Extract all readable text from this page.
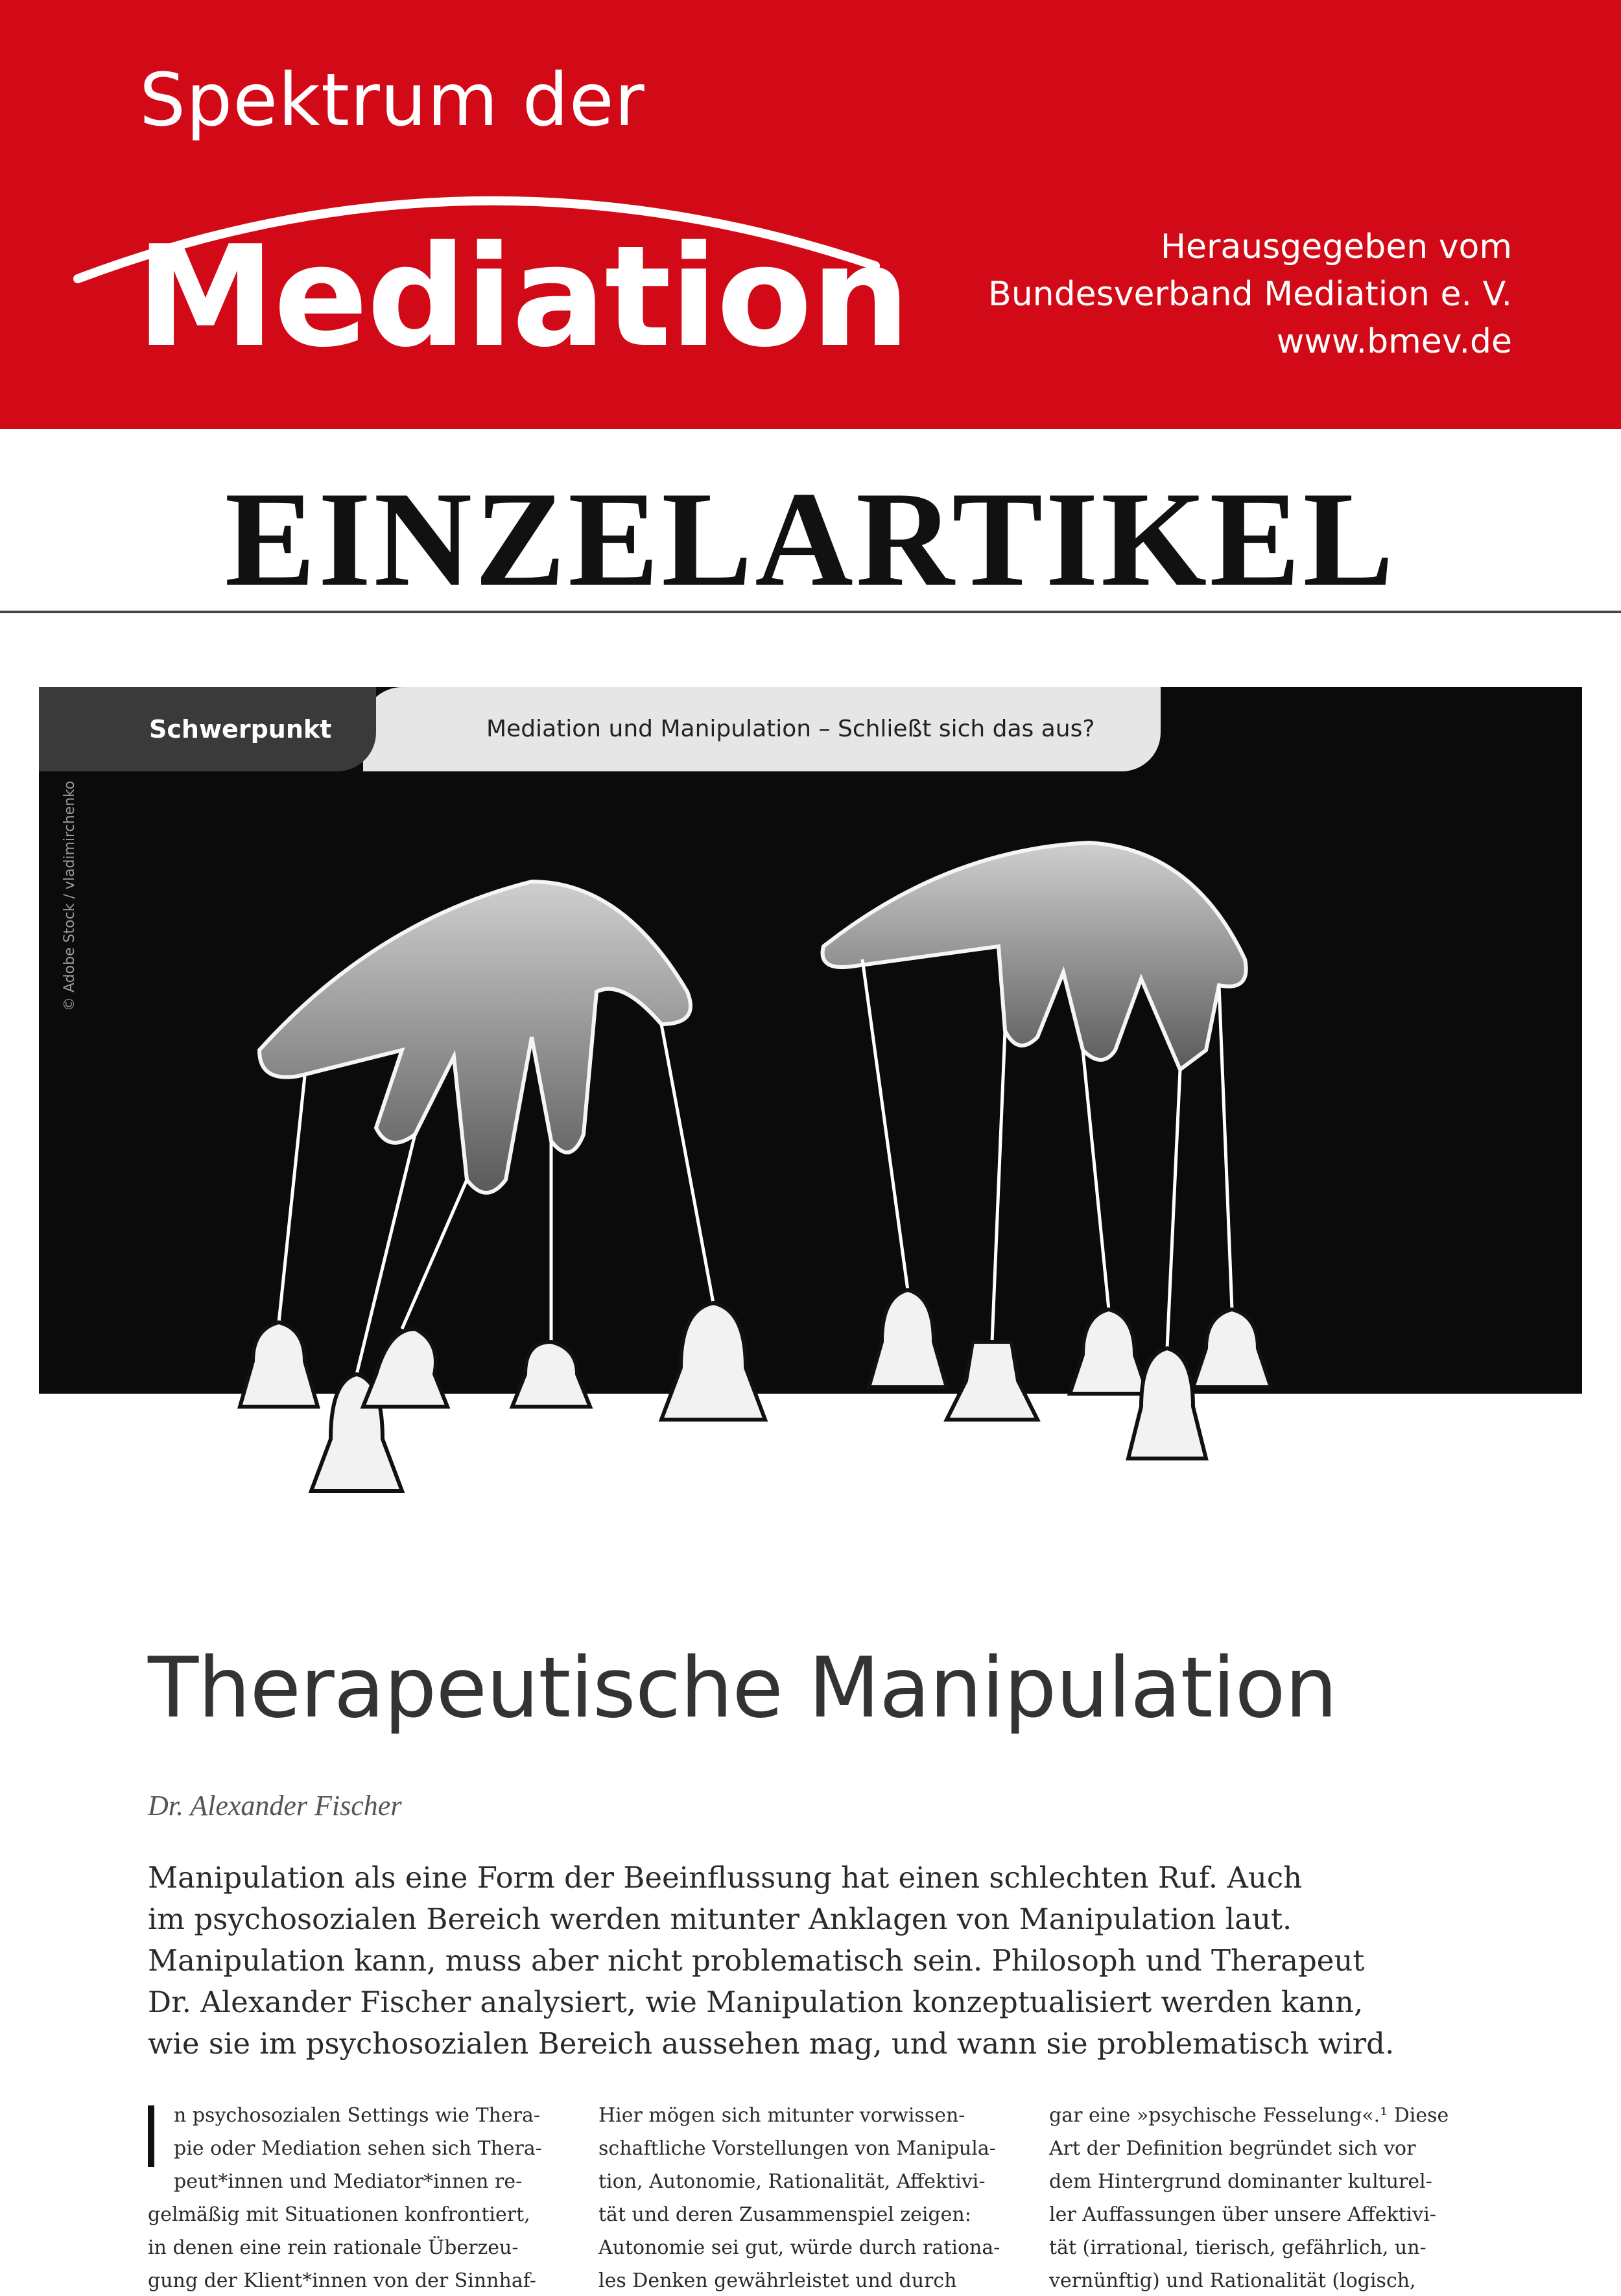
Spektrum der
Mediation	Herausgegeben vom
Bundesverband Mediation e. V.
www.bmev.de
EINZELARTIKEL
Mediation und Manipulation – Schließt sich das aus?
Schwerpunkt
© Adobe Stock / vladimirchenko
Therapeutische Manipulation
Dr. Alexander Fischer
Manipulation als eine Form der Beeinflussung hat einen schlechten Ruf. Auch
im psychosozialen Bereich werden mitunter Anklagen von Manipulation laut.
Manipulation kann, muss aber nicht problematisch sein. Philosoph und Therapeut
Dr. Alexander Fischer analysiert, wie Manipulation konzeptualisiert werden kann,
wie sie im psychosozialen Bereich aussehen mag, und wann sie problematisch wird.
n psychosozialen Settings wie Thera-
pie oder Mediation sehen sich Thera-
peut*innen und Mediator*innen re-
gelmäßig mit Situationen konfrontiert,
in denen eine rein rationale Überzeu-
gung der Klient*innen von der Sinnhaf-
Hier mögen sich mitunter vorwissen-
schaftliche Vorstellungen von Manipula-
tion, Autonomie, Rationalität, Affektivi-
tät und deren Zusammenspiel zeigen:
Autonomie sei gut, würde durch rationa-
les Denken gewährleistet und durch
gar eine »psychische Fesselung«.¹ Diese
Art der Definition begründet sich vor
dem Hintergrund dominanter kulturel-
ler Auffassungen über unsere Affektivi-
tät (irrational, tierisch, gefährlich, un-
vernünftig) und Rationalität (logisch,
